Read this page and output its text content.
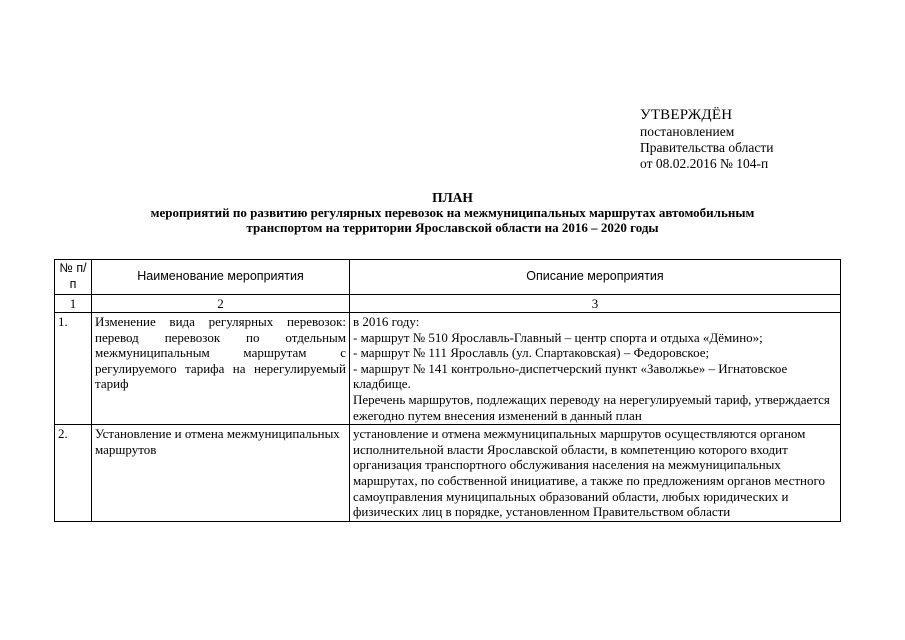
УТВЕРЖДЁН
постановлением
Правительства области
от 08.02.2016 № 104-п
ПЛАН
мероприятий по развитию регулярных перевозок на межмуниципальных маршрутах автомобильным
транспортом на территории Ярославской области на 2016 – 2020 годы
№ п/п	Наименование мероприятия	Описание мероприятия
1	2	3
1.	Изменение вида регулярных перевозок: перевод перевозок по отдельным межмуниципальным маршрутам с регулируемого тарифа на нерегулируемый тариф	в 2016 году:
- маршрут № 510 Ярославль-Главный – центр спорта и отдыха «Дёмино»;
- маршрут № 111 Ярославль (ул. Спартаковская) – Федоровское;
- маршрут № 141 контрольно-диспетчерский пункт «Заволжье» – Игнатовское кладбище.
Перечень маршрутов, подлежащих переводу на нерегулируемый тариф, утверждается ежегодно путем внесения изменений в данный план

2.	Установление и отмена межмуниципальных маршрутов	установление и отмена межмуниципальных маршрутов осуществляются органом исполнительной власти Ярославской области, в компетенцию которого входит организация транспортного обслуживания населения на межмуниципальных маршрутах, по собственной инициативе, а также по предложениям органов местного самоуправления муниципальных образований области, любых юридических и физических лиц в порядке, установленном Правительством области
